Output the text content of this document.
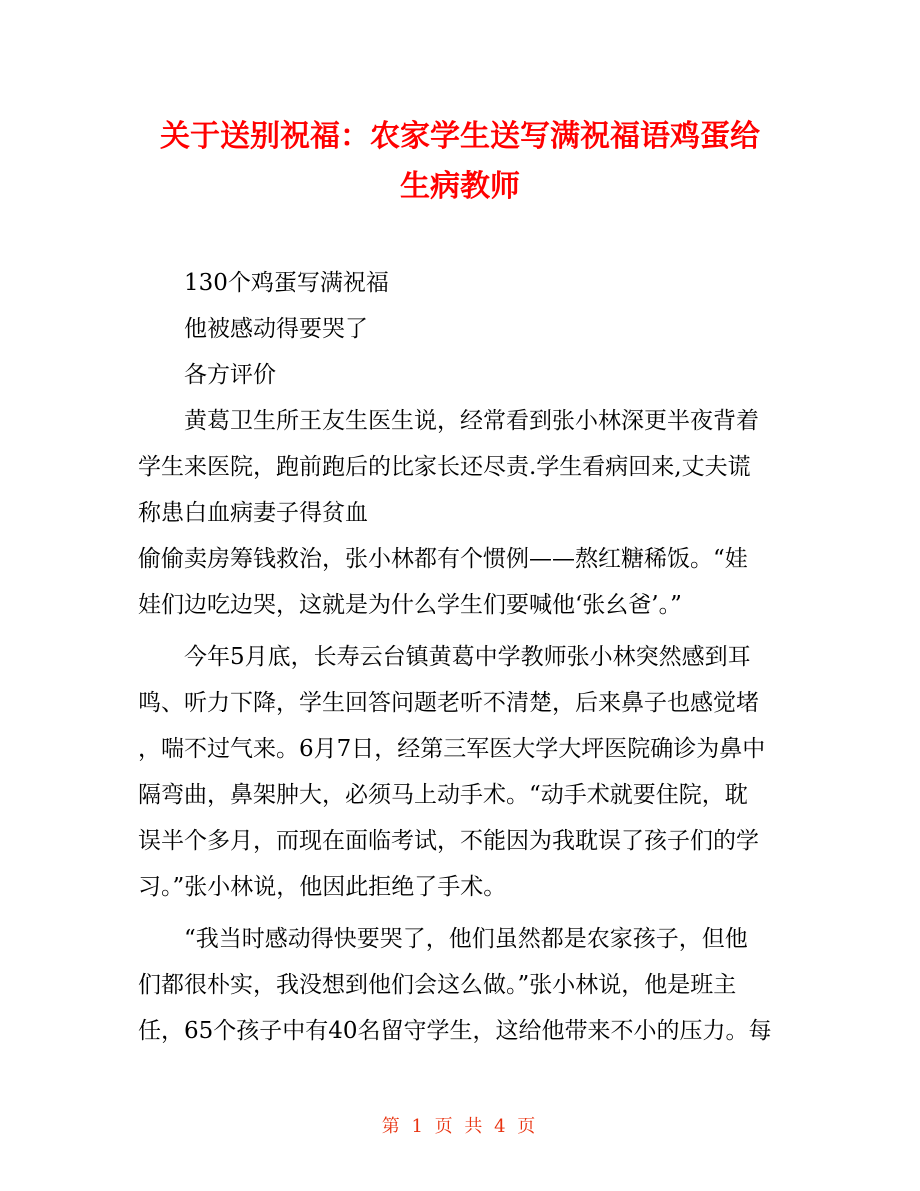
关于送别祝福：农家学生送写满祝福语鸡蛋给
生病教师

130个鸡蛋写满祝福

他被感动得要哭了

各方评价

黄葛卫生所王友生医生说，经常看到张小林深更半夜背着

学生来医院，跑前跑后的比家长还尽责.学生看病回来,丈夫谎

称患白血病妻子得贫血

偷偷卖房筹钱救治，张小林都有个惯例——熬红糖稀饭。“娃

娃们边吃边哭，这就是为什么学生们要喊他‘张幺爸’。”

今年5月底，长寿云台镇黄葛中学教师张小林突然感到耳

鸣、听力下降，学生回答问题老听不清楚，后来鼻子也感觉堵

，喘不过气来。6月7日，经第三军医大学大坪医院确诊为鼻中

隔弯曲，鼻架肿大，必须马上动手术。“动手术就要住院，耽

误半个多月，而现在面临考试，不能因为我耽误了孩子们的学

习。”张小林说，他因此拒绝了手术。

“我当时感动得快要哭了，他们虽然都是农家孩子，但他

们都很朴实，我没想到他们会这么做。”张小林说，他是班主

任，65个孩子中有40名留守学生，这给他带来不小的压力。每

第 1 页 共 4 页
